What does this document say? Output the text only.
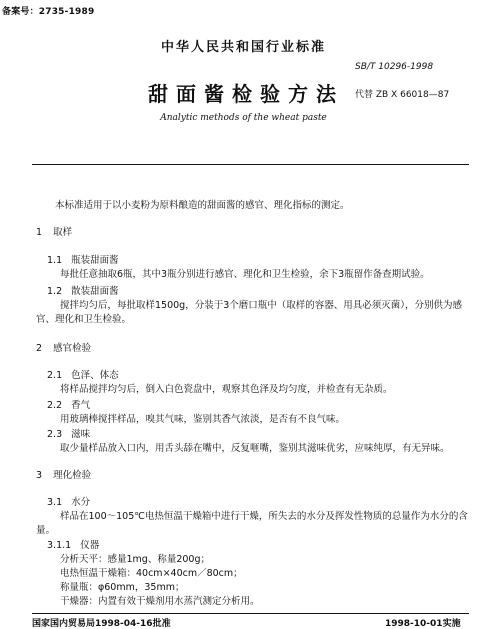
备案号：2735-1989
中华人民共和国行业标准
SB/T 10296-1998
甜面酱检验方法 代替 ZB X 66018—87
Analytic methods of the wheat paste
本标准适用于以小麦粉为原料酿造的甜面酱的感官、理化指标的测定。
1 取样
1.1 瓶装甜面酱
每批任意抽取6瓶，其中3瓶分别进行感官、理化和卫生检验，余下3瓶留作备查期试验。
1.2 散装甜面酱
搅拌均匀后，每批取样1500g，分装于3个磨口瓶中（取样的容器、用具必须灭菌），分别供为感
官、理化和卫生检验。
2 感官检验
2.1 色泽、体态
将样品搅拌均匀后，倒入白色瓷盘中，观察其色泽及均匀度，并检查有无杂质。
2.2 香气
用玻璃棒搅拌样品，嗅其气味，鉴别其香气浓淡，是否有不良气味。
2.3 滋味
取少量样品放入口内，用舌头舔在嘴中，反复咂嘴，鉴别其滋味优劣，应味纯厚，有无异味。
3 理化检验
3.1 水分
样品在100～105℃电热恒温干燥箱中进行干燥，所失去的水分及挥发性物质的总量作为水分的含
量。
3.1.1 仪器
分析天平：感量1mg、称量200g；
电热恒温干燥箱：40cm×40cm／80cm；
称量瓶：φ60mm，35mm；
干燥器：内置有效干燥剂用水蒸汽测定分析用。
国家国内贸易局1998-04-16批准	1998-10-01实施
